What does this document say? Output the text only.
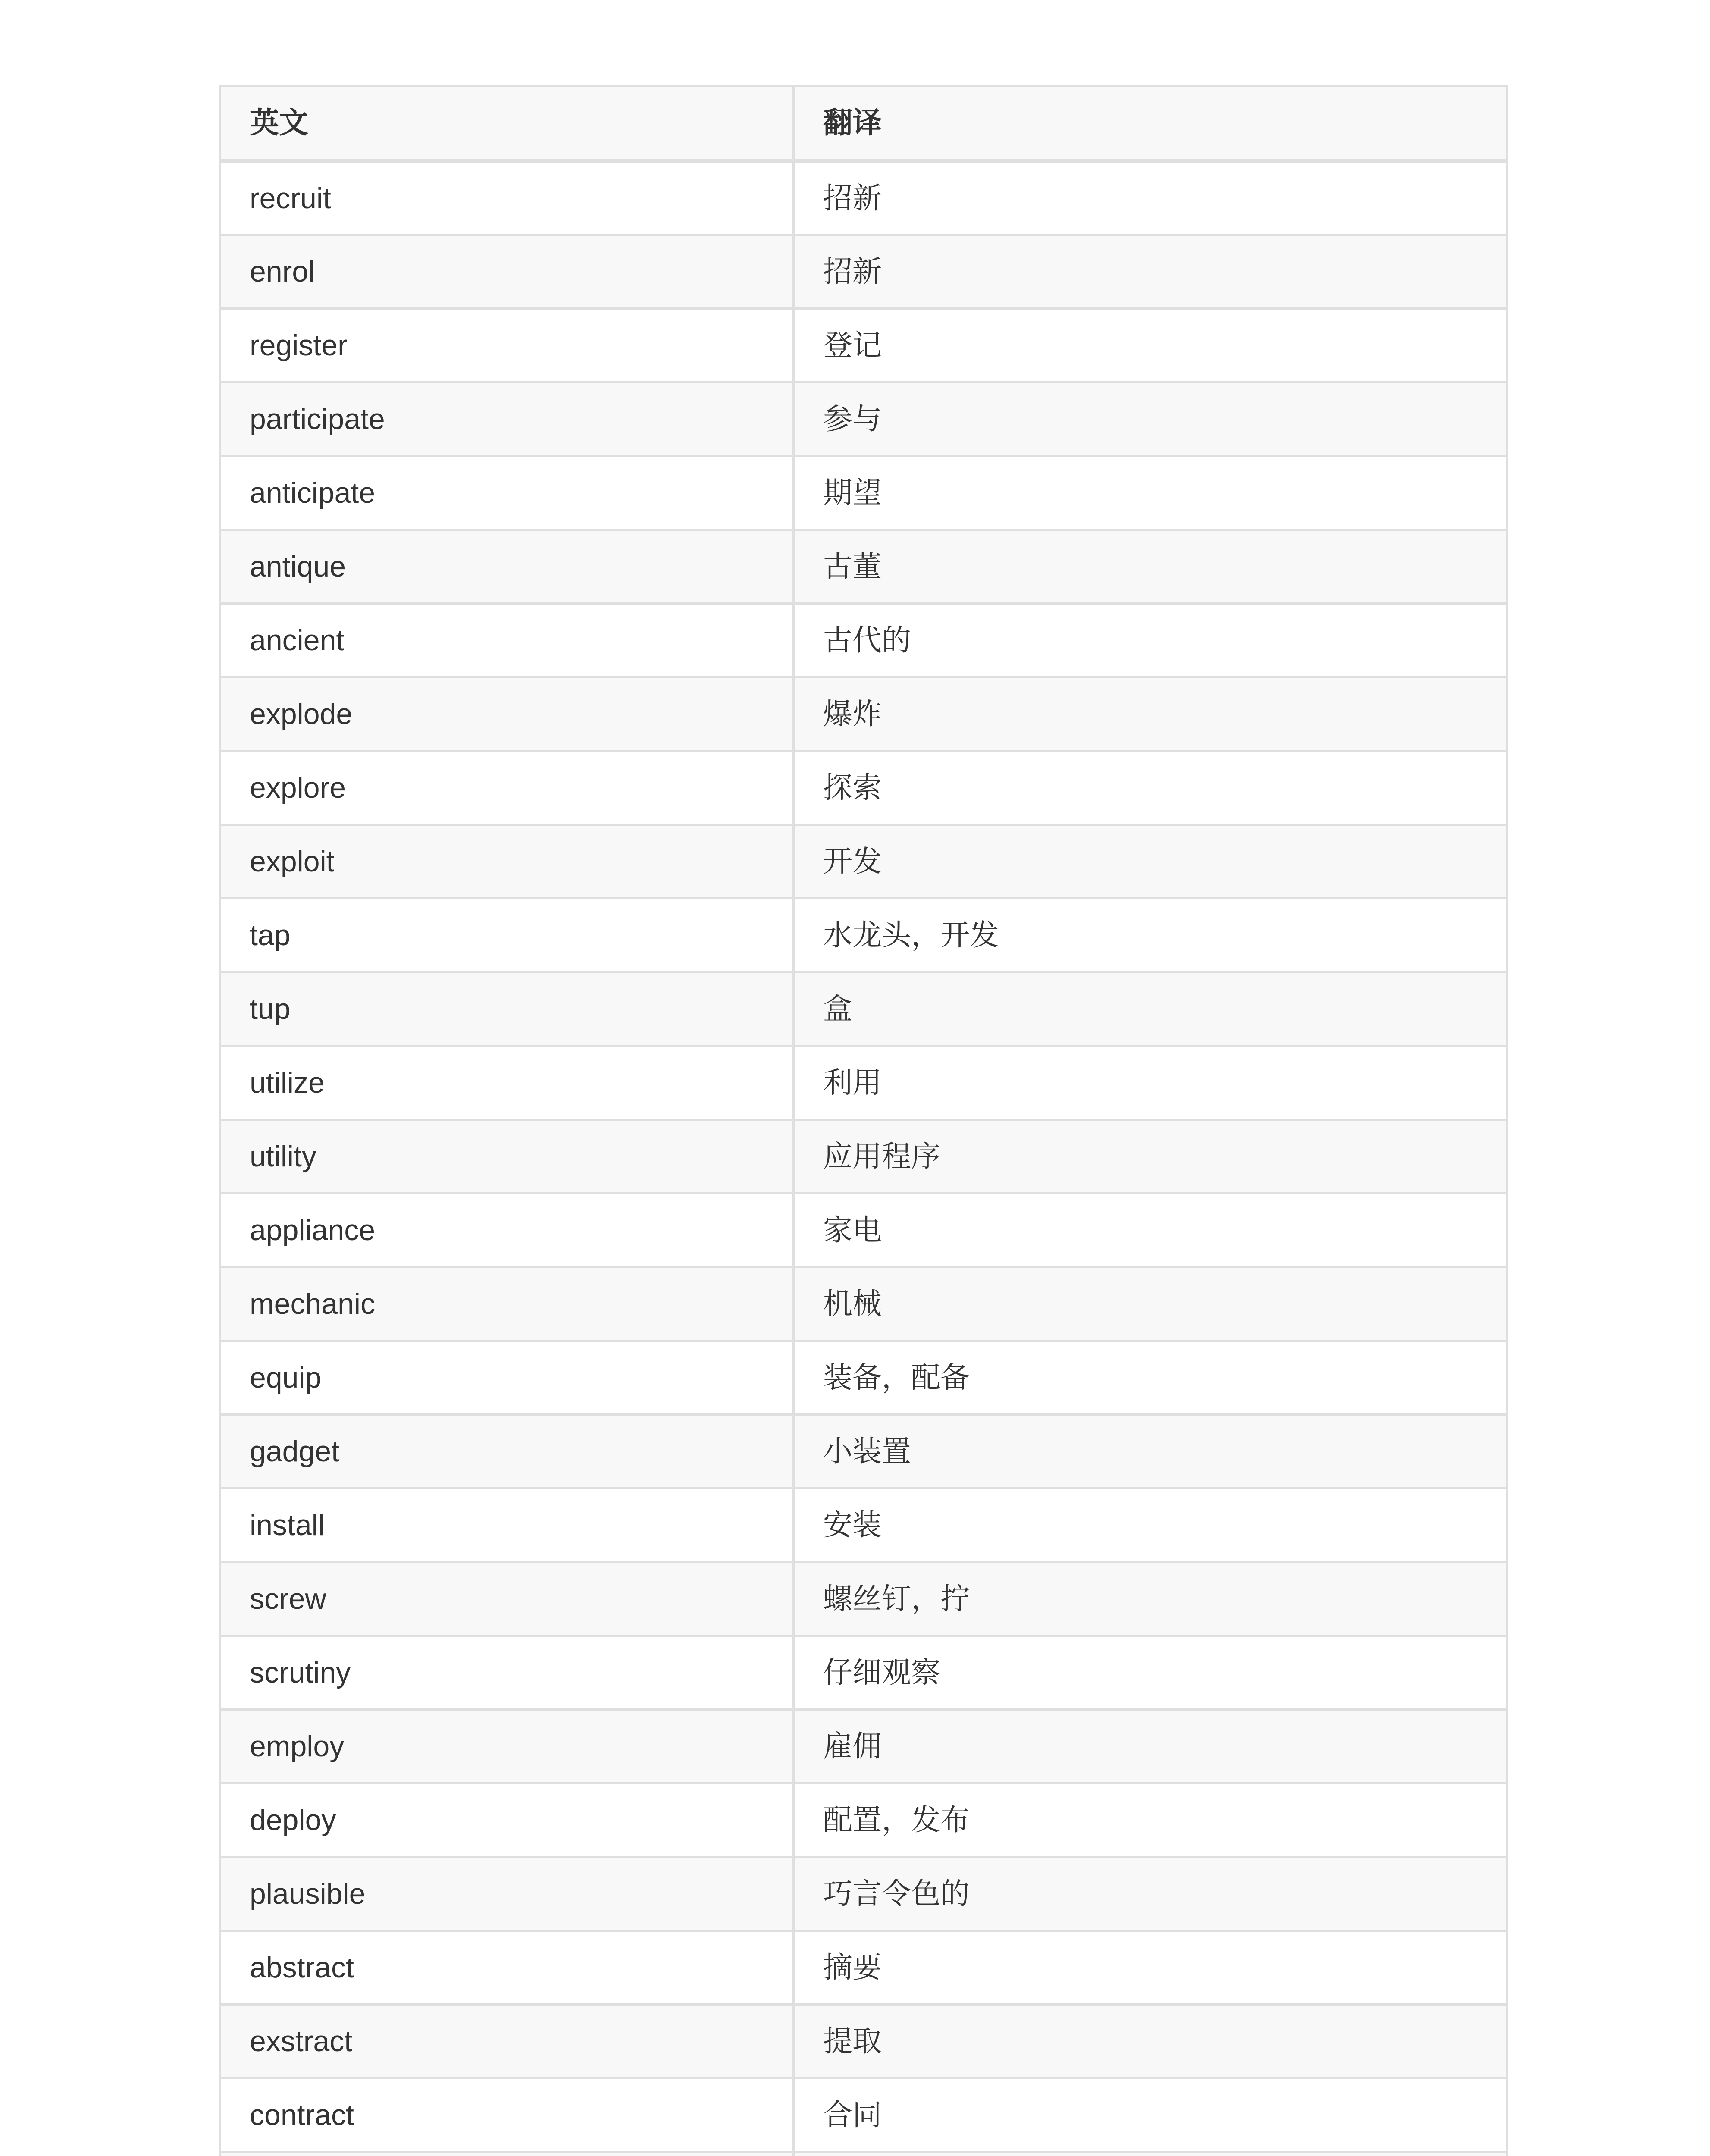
英文	翻译
recruit	招新
enrol	招新
register	登记
participate	参与
anticipate	期望
antique	古董
ancient	古代的
explode	爆炸
explore	探索
exploit	开发
tap	水龙头，开发
tup	盒
utilize	利用
utility	应用程序
appliance	家电
mechanic	机械
equip	装备，配备
gadget	小装置
install	安装
screw	螺丝钉，拧
scrutiny	仔细观察
employ	雇佣
deploy	配置，发布
plausible	巧言令色的
abstract	摘要
exstract	提取
contract	合同
